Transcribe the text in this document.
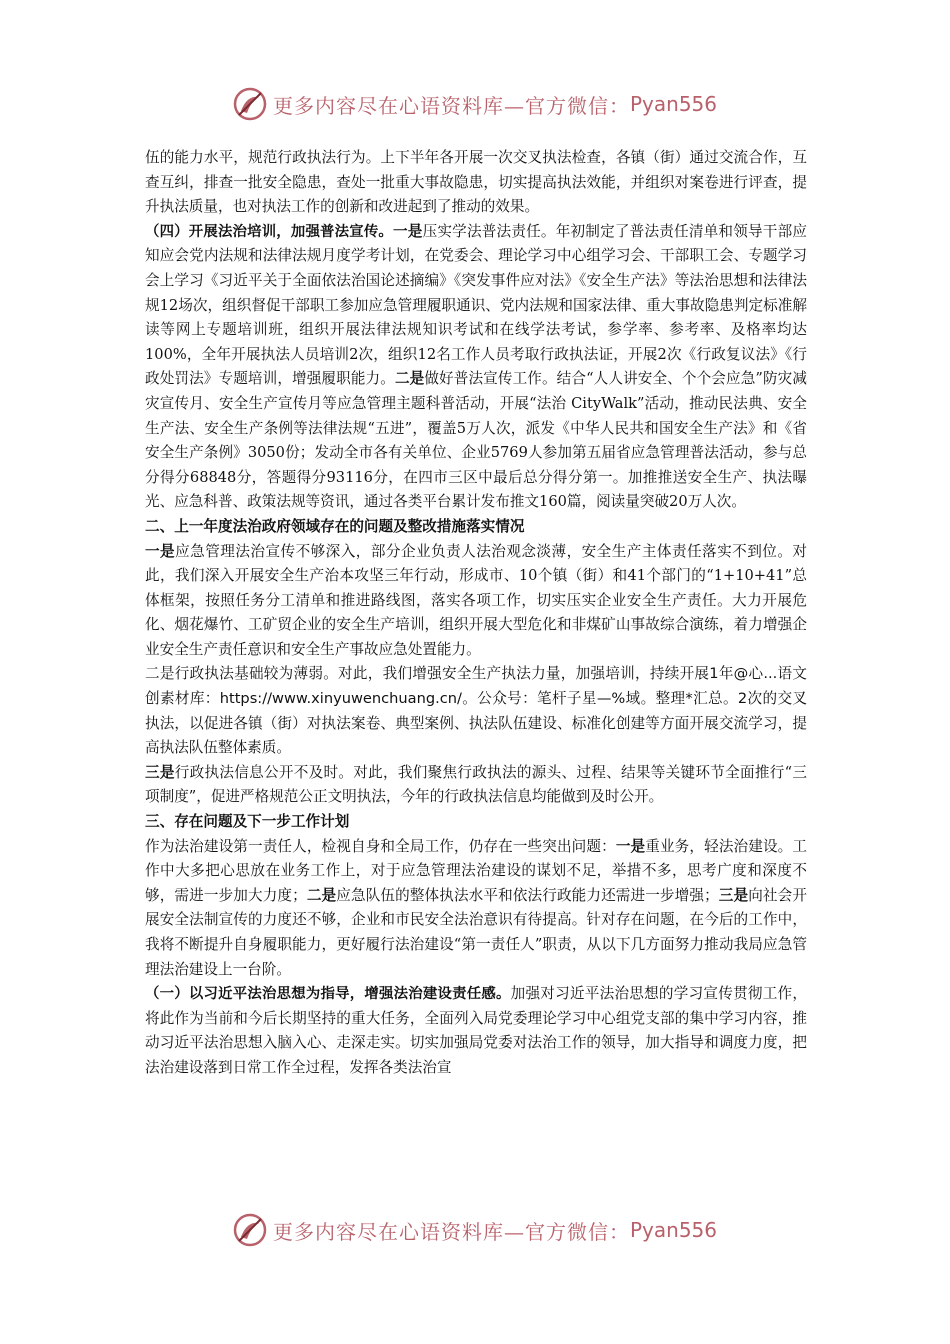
更多内容尽在心语资料库—官方微信： Pyan556

伍的能力水平，规范行政执法行为。上下半年各开展一次交叉执法检查，各镇（街）通过交流合作，互查互纠，排查一批安全隐患，查处一批重大事故隐患，切实提高执法效能，并组织对案卷进行评查，提升执法质量，也对执法工作的创新和改进起到了推动的效果。

（四）开展法治培训，加强普法宣传。一是压实学法普法责任。年初制定了普法责任清单和领导干部应知应会党内法规和法律法规月度学考计划，在党委会、理论学习中心组学习会、干部职工会、专题学习会上学习《习近平关于全面依法治国论述摘编》《突发事件应对法》《安全生产法》等法治思想和法律法规12场次，组织督促干部职工参加应急管理履职通识、党内法规和国家法律、重大事故隐患判定标准解读等网上专题培训班，组织开展法律法规知识考试和在线学法考试，参学率、参考率、及格率均达100%，全年开展执法人员培训2次，组织12名工作人员考取行政执法证，开展2次《行政复议法》《行政处罚法》专题培训，增强履职能力。二是做好普法宣传工作。结合“人人讲安全、个个会应急”防灾减灾宣传月、安全生产宣传月等应急管理主题科普活动，开展“法治 CityWalk”活动，推动民法典、安全生产法、安全生产条例等法律法规“五进”，覆盖5万人次，派发《中华人民共和国安全生产法》和《省安全生产条例》3050份；发动全市各有关单位、企业5769人参加第五届省应急管理普法活动，参与总分得分68848分，答题得分93116分，在四市三区中最后总分得分第一。加推推送安全生产、执法曝光、应急科普、政策法规等资讯，通过各类平台累计发布推文160篇，阅读量突破20万人次。

二、上一年度法治政府领域存在的问题及整改措施落实情况

一是应急管理法治宣传不够深入，部分企业负责人法治观念淡薄，安全生产主体责任落实不到位。对此，我们深入开展安全生产治本攻坚三年行动，形成市、10个镇（街）和41个部门的“1+10+41”总体框架，按照任务分工清单和推进路线图，落实各项工作，切实压实企业安全生产责任。大力开展危化、烟花爆竹、工矿贸企业的安全生产培训，组织开展大型危化和非煤矿山事故综合演练，着力增强企业安全生产责任意识和安全生产事故应急处置能力。

二是行政执法基础较为薄弱。对此，我们增强安全生产执法力量，加强培训，持续开展1年@心...语文创素材库：https://www.xinyuwenchuang.cn/。公众号：笔杆子星—%域。整理*汇总。2次的交叉执法，以促进各镇（街）对执法案卷、典型案例、执法队伍建设、标准化创建等方面开展交流学习，提高执法队伍整体素质。

三是行政执法信息公开不及时。对此，我们聚焦行政执法的源头、过程、结果等关键环节全面推行“三项制度”，促进严格规范公正文明执法，今年的行政执法信息均能做到及时公开。

三、存在问题及下一步工作计划

作为法治建设第一责任人，检视自身和全局工作，仍存在一些突出问题：一是重业务，轻法治建设。工作中大多把心思放在业务工作上，对于应急管理法治建设的谋划不足，举措不多，思考广度和深度不够，需进一步加大力度；二是应急队伍的整体执法水平和依法行政能力还需进一步增强；三是向社会开展安全法制宣传的力度还不够，企业和市民安全法治意识有待提高。针对存在问题，在今后的工作中，我将不断提升自身履职能力，更好履行法治建设“第一责任人”职责，从以下几方面努力推动我局应急管理法治建设上一台阶。

（一）以习近平法治思想为指导，增强法治建设责任感。加强对习近平法治思想的学习宣传贯彻工作，将此作为当前和今后长期坚持的重大任务，全面列入局党委理论学习中心组党支部的集中学习内容，推动习近平法治思想入脑入心、走深走实。切实加强局党委对法治工作的领导，加大指导和调度力度，把法治建设落到日常工作全过程，发挥各类法治宣

更多内容尽在心语资料库—官方微信： Pyan556
